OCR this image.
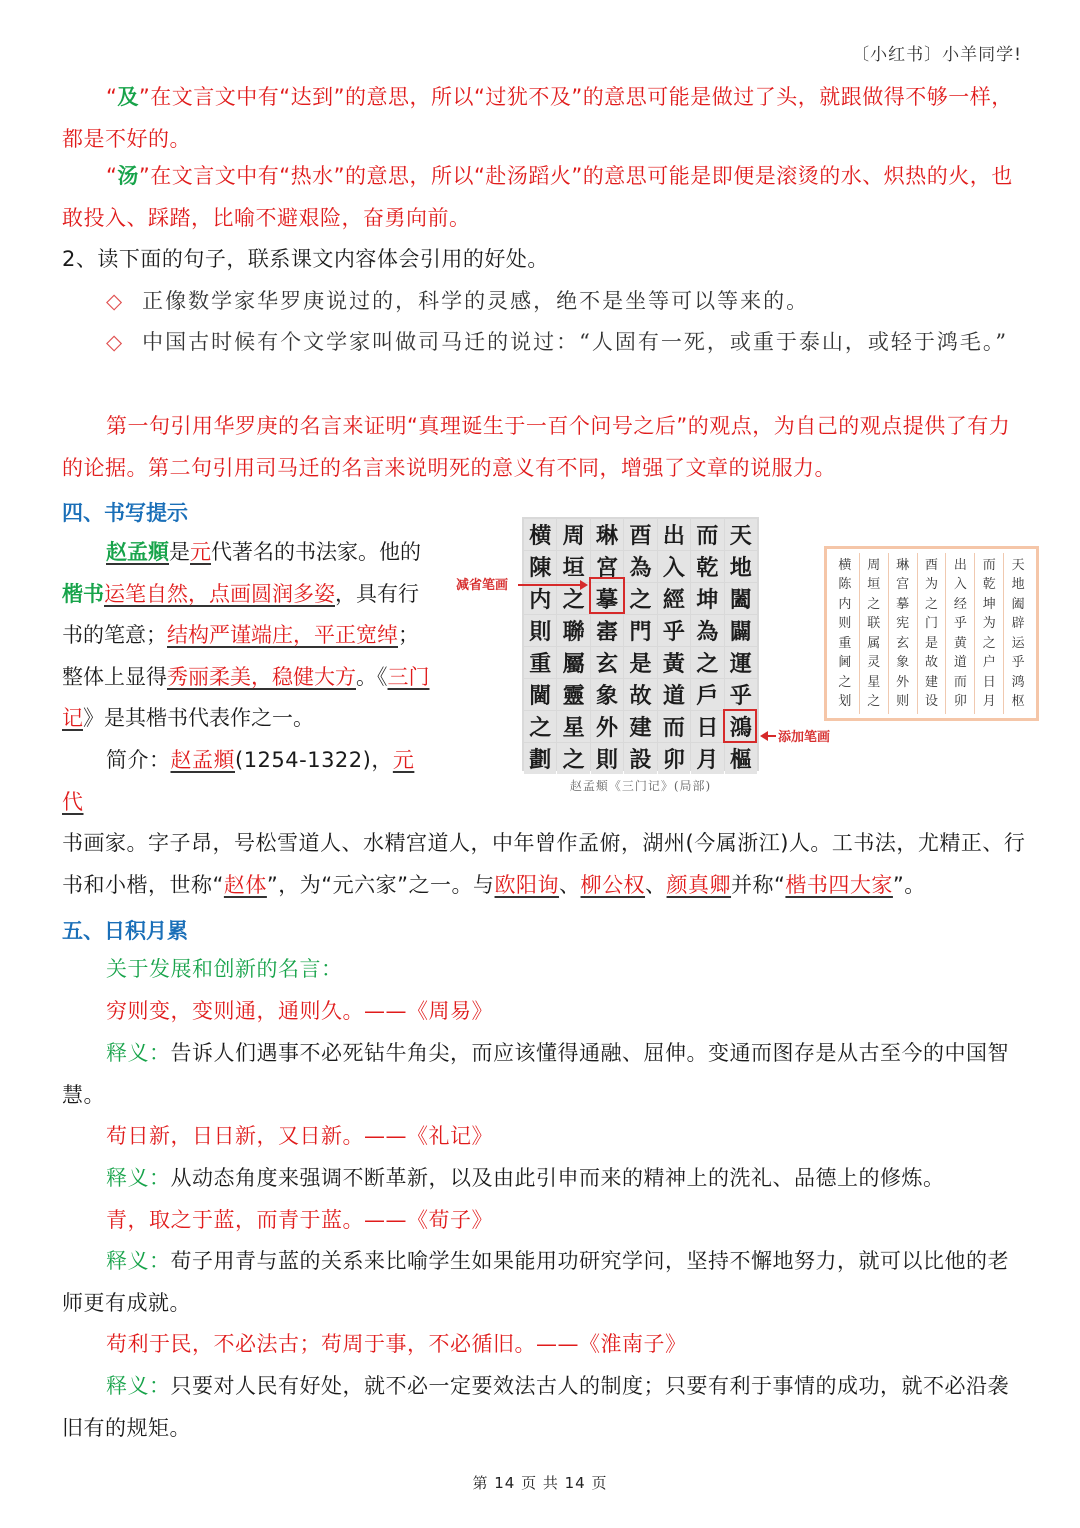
〔小红书〕小羊同学!

“及”在文言文中有“达到”的意思，所以“过犹不及”的意思可能是做过了头，就跟做得不够一样，都是不好的。

“汤”在文言文中有“热水”的意思，所以“赴汤蹈火”的意思可能是即便是滚烫的水、炽热的火，也敢投入、踩踏，比喻不避艰险，奋勇向前。

2、读下面的句子，联系课文内容体会引用的好处。

◇ 正像数学家华罗庚说过的，科学的灵感，绝不是坐等可以等来的。

◇ 中国古时候有个文学家叫做司马迁的说过：“人固有一死，或重于泰山，或轻于鸿毛。”

第一句引用华罗庚的名言来证明“真理诞生于一百个问号之后”的观点，为自己的观点提供了有力的论据。第二句引用司马迁的名言来说明死的意义有不同，增强了文章的说服力。

四、书写提示
赵孟頫是元代著名的书法家。他的楷书运笔自然，点画圆润多姿，具有行书的笔意；结构严谨端庄，平正宽绰；整体上显得秀丽柔美，稳健大方。《三门记》是其楷书代表作之一。
简介：赵孟頫(1254-1322)，元代
书画家。字子昂，号松雪道人、水精宫道人，中年曾作孟俯，湖州(今属浙江)人。工书法，尤精正、行书和小楷，世称“赵体”，为“元六家”之一。与欧阳询、柳公权、颜真卿并称“楷书四大家”。
横 周 琳 酉 出 而 天
陳 垣 宮 為 入 乾 地
内 之 摹 之 經 坤 闔
則 聯 寚 門 乎 為 闢
重 屬 玄 是 黃 之 運
閫 靈 象 故 道 戶 乎
之 星 外 建 而 日 鴻
劃 之 則 設 卯 月 樞
减省笔画
添加笔画
赵孟頫《三门记》(局部)
天
地
阖
辟
运
乎
鸿
枢
而
乾
坤
为
之
户
日
月
出
入
经
乎
黄
道
而
卯
酉
为
之
门
是
故
建
设
琳
宫
摹
宪
玄
象
外
则
周
垣
之
联
属
灵
星
之
横
陈
内
则
重
阃
之
划
五、日积月累

关于发展和创新的名言：

穷则变，变则通，通则久。——《周易》

释义：告诉人们遇事不必死钻牛角尖，而应该懂得通融、屈伸。变通而图存是从古至今的中国智慧。

苟日新，日日新，又日新。——《礼记》

释义：从动态角度来强调不断革新，以及由此引申而来的精神上的洗礼、品德上的修炼。

青，取之于蓝，而青于蓝。——《荀子》

释义：荀子用青与蓝的关系来比喻学生如果能用功研究学问，坚持不懈地努力，就可以比他的老师更有成就。

苟利于民，不必法古；苟周于事，不必循旧。——《淮南子》

释义：只要对人民有好处，就不必一定要效法古人的制度；只要有利于事情的成功，就不必沿袭旧有的规矩。

第 14 页 共 14 页
